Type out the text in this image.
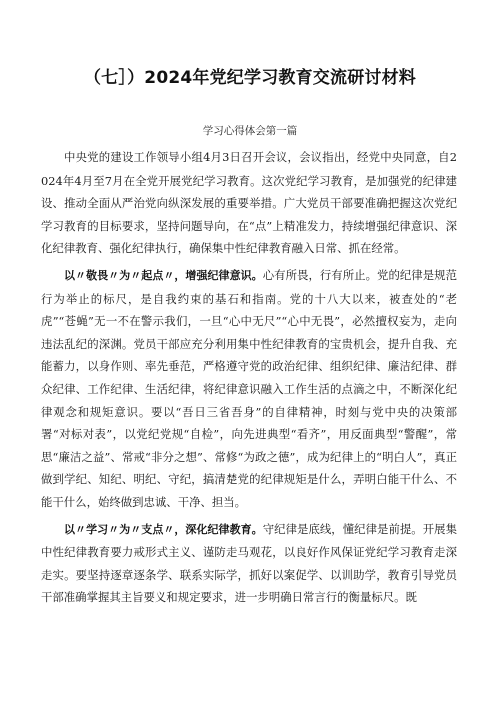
（七］）2024年党纪学习教育交流研讨材料
学习心得体会第一篇

中央党的建设工作领导小组4月3日召开会议，会议指出，经党中央同意，自2024年4月至7月在全党开展党纪学习教育。这次党纪学习教育，是加强党的纪律建设、推动全面从严治党向纵深发展的重要举措。广大党员干部要准确把握这次党纪学习教育的目标要求，坚持问题导向，在“点”上精准发力，持续增强纪律意识、深化纪律教育、强化纪律执行，确保集中性纪律教育融入日常、抓在经常。

以〃敬畏〃为〃起点〃，增强纪律意识。心有所畏，行有所止。党的纪律是规范行为举止的标尺，是自我约束的基石和指南。党的十八大以来，被查处的“老虎”“苍蝇”无一不在警示我们，一旦“心中无尺”“心中无畏”，必然擅权妄为，走向违法乱纪的深渊。党员干部应充分利用集中性纪律教育的宝贵机会，提升自我、充能蓄力，以身作则、率先垂范，严格遵守党的政治纪律、组织纪律、廉洁纪律、群众纪律、工作纪律、生活纪律，将纪律意识融入工作生活的点滴之中，不断深化纪律观念和规矩意识。要以“吾日三省吾身”的自律精神，时刻与党中央的决策部署“对标对表”，以党纪党规“自检”，向先进典型“看齐”，用反面典型“警醒”，常思“廉洁之益”、常戒“非分之想”、常修“为政之德”，成为纪律上的“明白人”，真正做到学纪、知纪、明纪、守纪，搞清楚党的纪律规矩是什么，弄明白能干什么、不能干什么，始终做到忠诚、干净、担当。

以〃学习〃为〃支点〃，深化纪律教育。守纪律是底线，懂纪律是前提。开展集中性纪律教育要力戒形式主义、谨防走马观花，以良好作风保证党纪学习教育走深走实。要坚持逐章逐条学、联系实际学，抓好以案促学、以训助学，教育引导党员干部准确掌握其主旨要义和规定要求，进一步明确日常言行的衡量标尺。既
